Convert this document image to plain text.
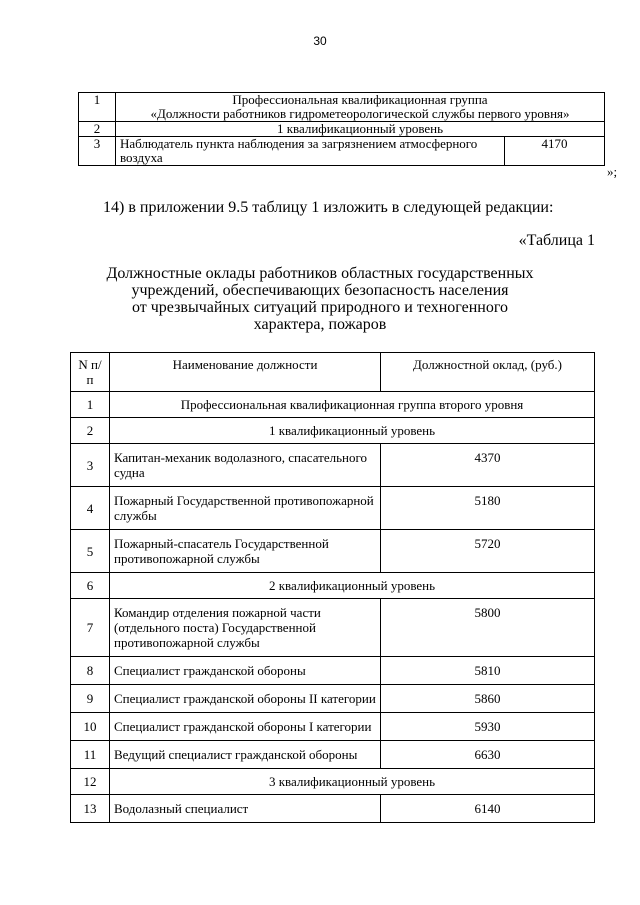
30
1	Профессиональная квалификационная группа
«Должности работников гидрометеорологической службы первого уровня»	

2	1 квалификационный уровень	
3	Наблюдатель пункта наблюдения за загрязнением атмосферного воздуха	4170
»;
14) в приложении 9.5 таблицу 1 изложить в следующей редакции:
«Таблица 1
Должностные оклады работников областных государственных
учреждений, обеспечивающих безопасность населения
от чрезвычайных ситуаций природного и техногенного
характера, пожаров
N п/п	Наименование должности	Должностной оклад, (руб.)
1	Профессиональная квалификационная группа второго уровня	
2	1 квалификационный уровень	
3	Капитан-механик водолазного, спасательного судна	4370
4	Пожарный Государственной противопожарной службы	5180
5	Пожарный-спасатель Государственной противопожарной службы	5720
6	2 квалификационный уровень	
7	Командир отделения пожарной части (отдельного поста) Государственной противопожарной службы	5800
8	Специалист гражданской обороны	5810
9	Специалист гражданской обороны II категории	5860
10	Специалист гражданской обороны I категории	5930
11	Ведущий специалист гражданской обороны	6630
12	3 квалификационный уровень	
13	Водолазный специалист	6140
